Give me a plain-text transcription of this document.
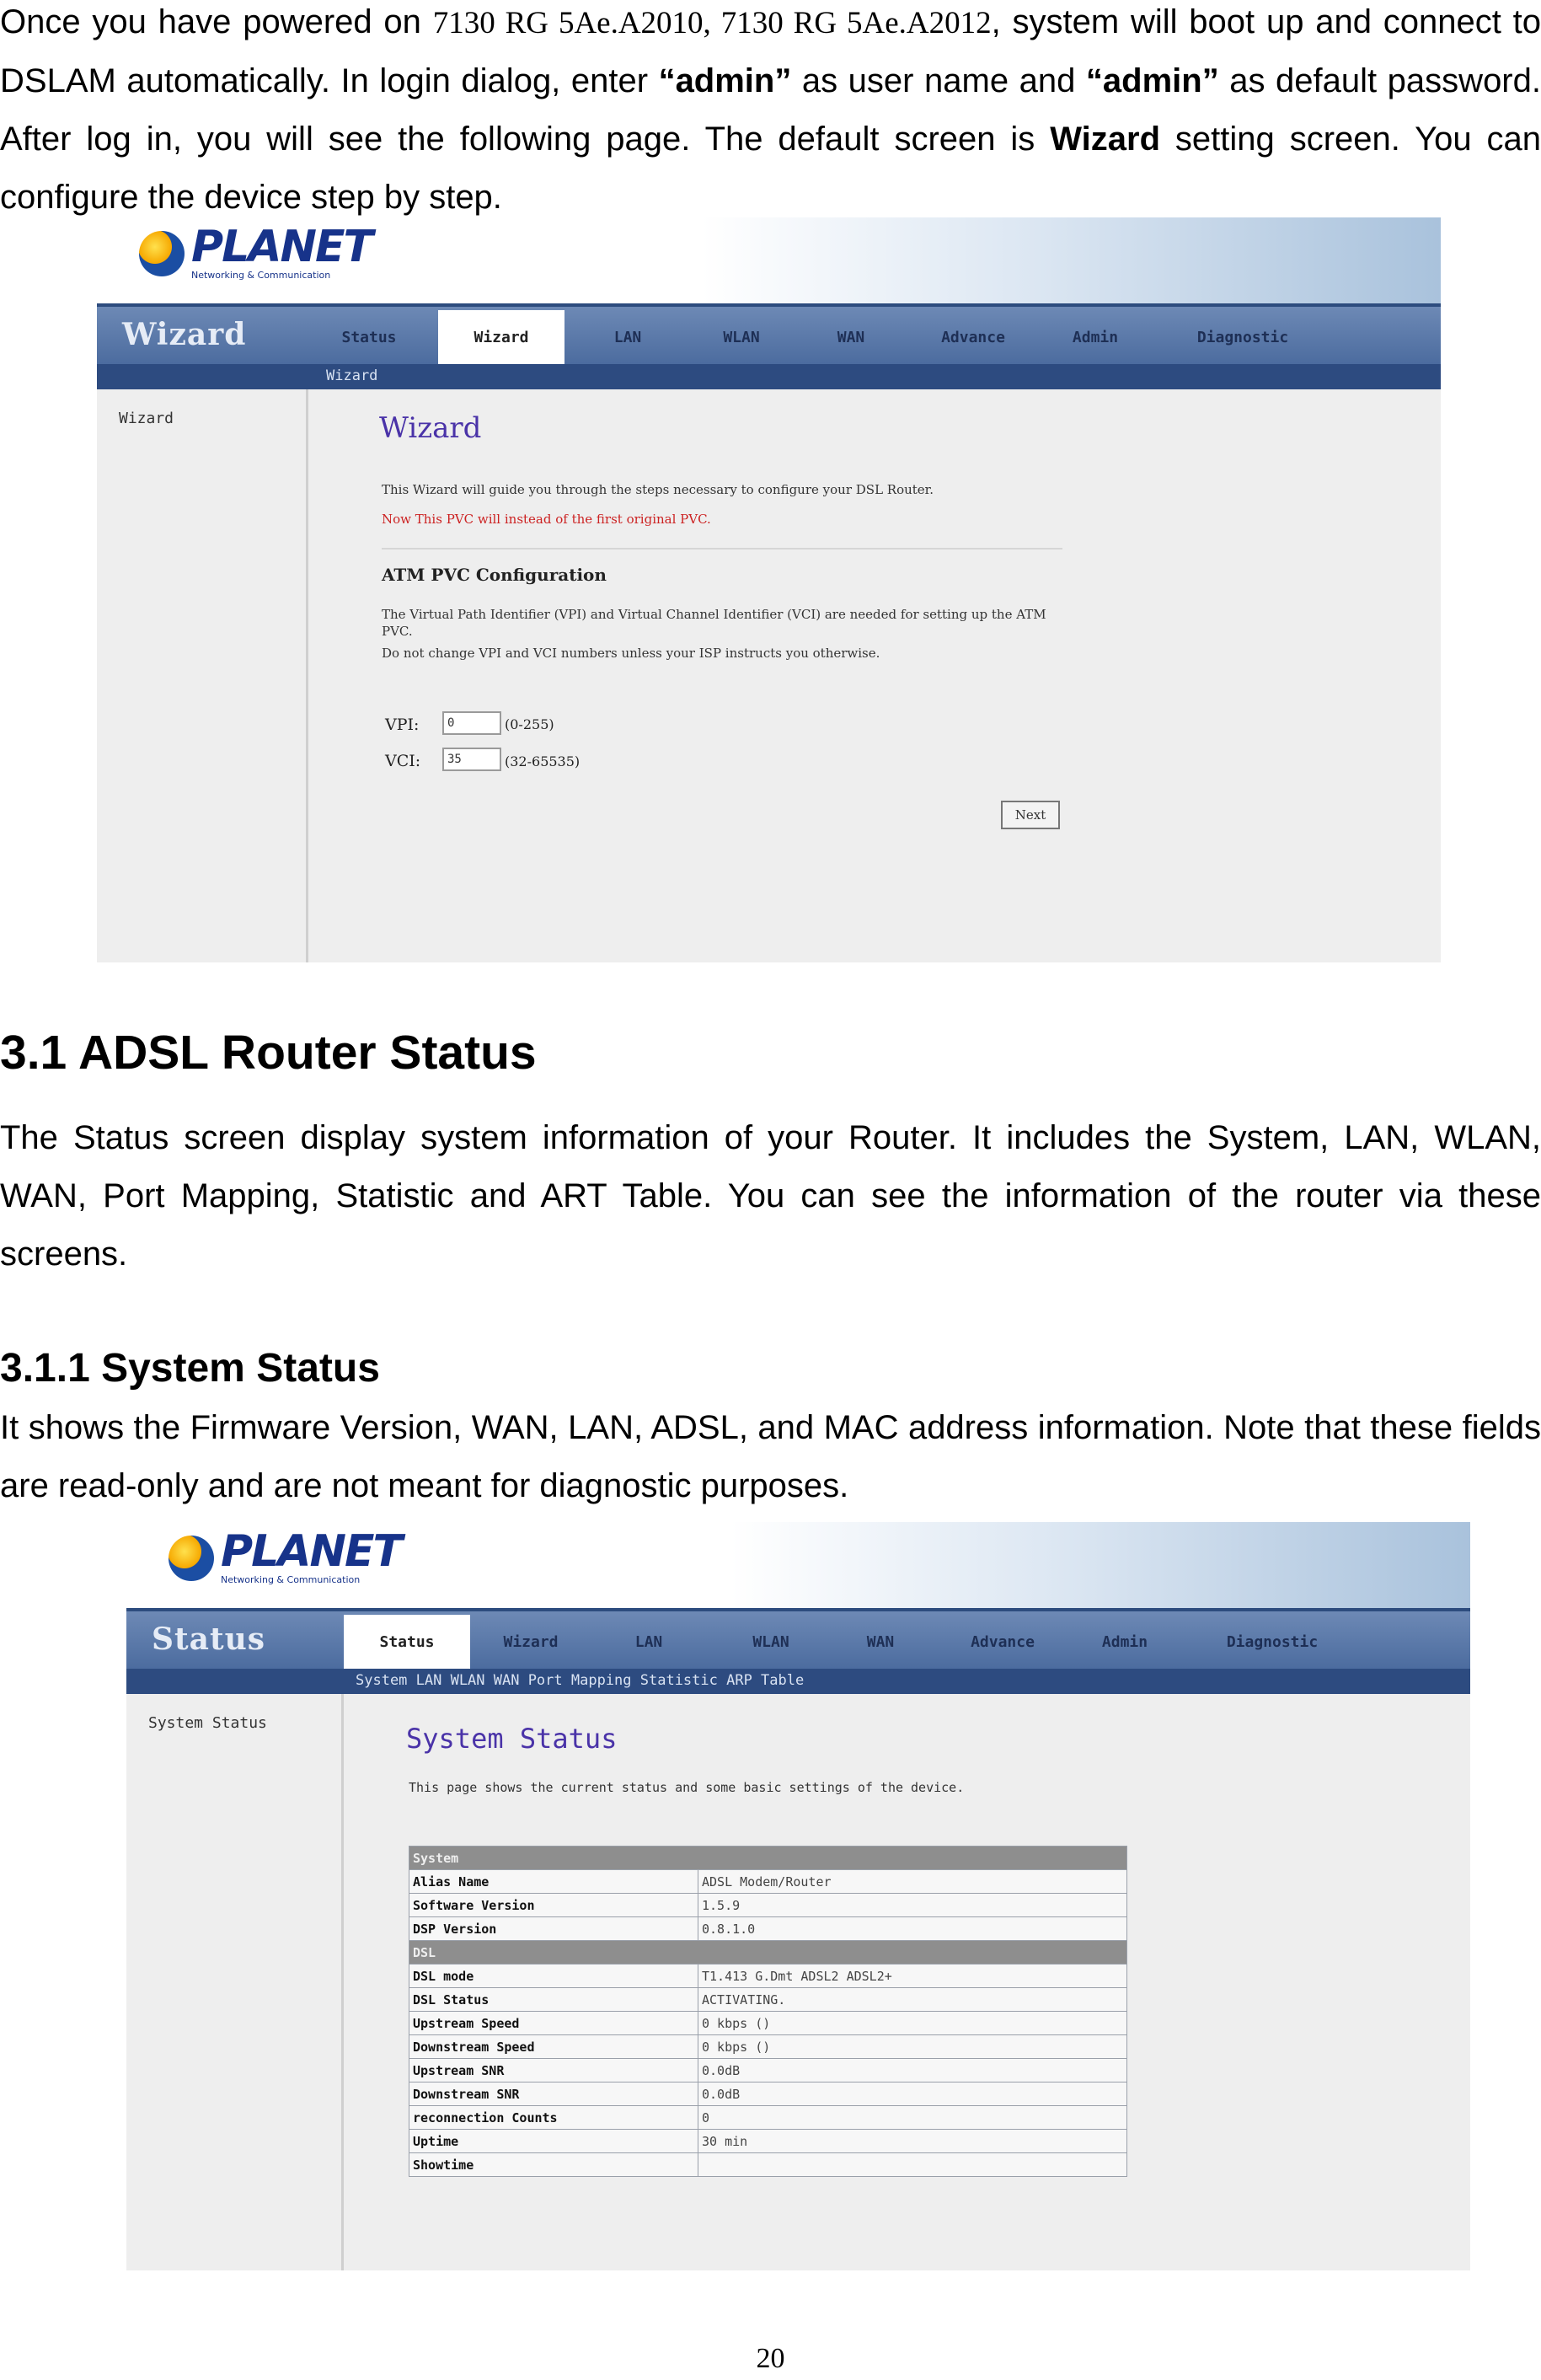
Once you have powered on 7130 RG 5Ae.A2010, 7130 RG 5Ae.A2012, system will boot up and connect to DSLAM automatically. In login dialog, enter “admin” as user name and “admin” as default password. After log in, you will see the following page. The default screen is Wizard setting screen. You can configure the device step by step.
PLANET
Networking & Communication
Wizard	Status	Wizard	LAN	WLAN	WAN	Advance	Admin	Diagnostic
Wizard
Wizard	Wizard
This Wizard will guide you through the steps necessary to configure your DSL Router.
Now This PVC will instead of the first original PVC.
ATM PVC Configuration
The Virtual Path Identifier (VPI) and Virtual Channel Identifier (VCI) are needed for setting up the ATM
PVC.
Do not change VPI and VCI numbers unless your ISP instructs you otherwise.
VPI:	0	(0-255)
VCI:	35	(32-65535)
Next
3.1 ADSL Router Status
The Status screen display system information of your Router. It includes the System, LAN, WLAN, WAN, Port Mapping, Statistic and ART Table. You can see the information of the router via these screens.
3.1.1 System Status
It shows the Firmware Version, WAN, LAN, ADSL, and MAC address information. Note that these fields are read-only and are not meant for diagnostic purposes.
PLANET
Networking & Communication
Status	Status	Wizard	LAN	WLAN	WAN	Advance	Admin	Diagnostic
System LAN WLAN WAN Port Mapping Statistic ARP Table
System Status	System Status
This page shows the current status and some basic settings of the device.
System	
Alias Name	ADSL Modem/Router
Software Version	1.5.9
DSP Version	0.8.1.0
DSL	
DSL mode	T1.413 G.Dmt ADSL2 ADSL2+
DSL Status	ACTIVATING.
Upstream Speed	0 kbps ()
Downstream Speed	0 kbps ()
Upstream SNR	0.0dB
Downstream SNR	0.0dB
reconnection Counts	0
Uptime	30 min
Showtime	
20
